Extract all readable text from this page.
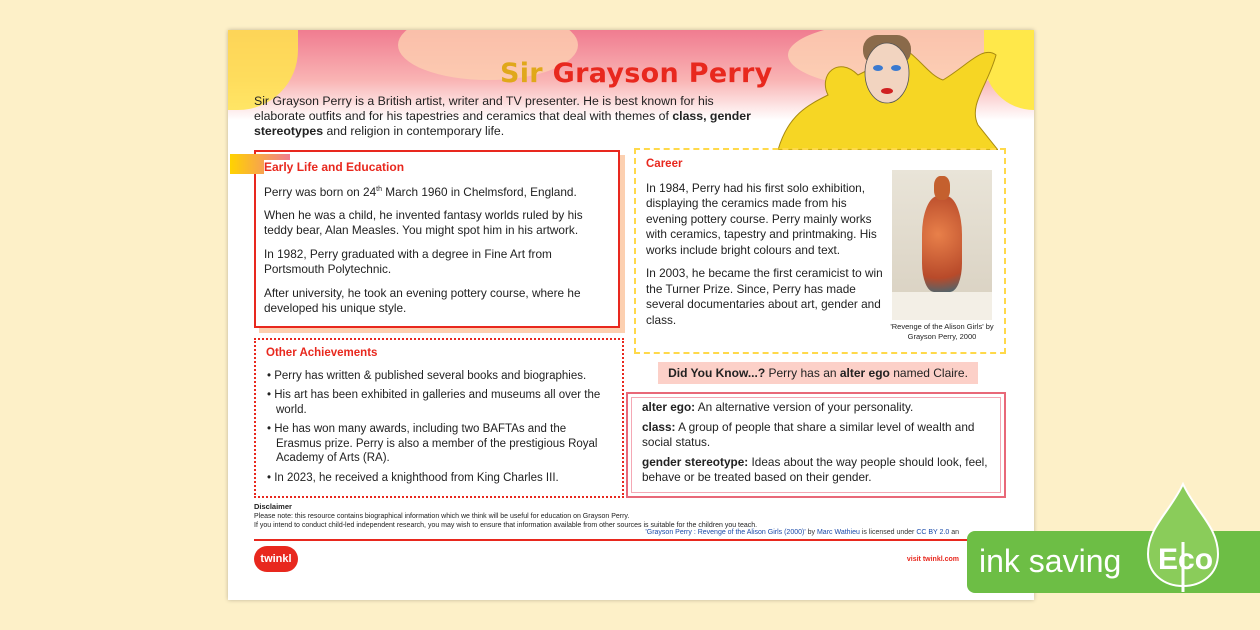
Sir Grayson Perry
Sir Grayson Perry is a British artist, writer and TV presenter. He is best known for his elaborate outfits and for his tapestries and ceramics that deal with themes of class, gender stereotypes and religion in contemporary life.
Early Life and Education

Perry was born on 24th March 1960 in Chelmsford, England.

When he was a child, he invented fantasy worlds ruled by his teddy bear, Alan Measles. You might spot him in his artwork.

In 1982, Perry graduated with a degree in Fine Art from Portsmouth Polytechnic.

After university, he took an evening pottery course, where he developed his unique style.

Other Achievements
• Perry has written & published several books and biographies.
• His art has been exhibited in galleries and museums all over the world.
• He has won many awards, including two BAFTAs and the Erasmus prize. Perry is also a member of the prestigious Royal Academy of Arts (RA).
• In 2023, he received a knighthood from King Charles III.
Career

In 1984, Perry had his first solo exhibition, displaying the ceramics made from his evening pottery course. Perry mainly works with ceramics, tapestry and printmaking. His works include bright colours and text.

In 2003, he became the first ceramicist to win the Turner Prize. Since, Perry has made several documentaries about art, gender and class.	'Revenge of the Alison Girls' by Grayson Perry, 2000
Did You Know...? Perry has an alter ego named Claire.

alter ego: An alternative version of your personality.

class: A group of people that share a similar level of wealth and social status.

gender stereotype: Ideas about the way people should look, feel, behave or be treated based on their gender.

Disclaimer
Please note: this resource contains biographical information which we think will be useful for education on Grayson Perry.
If you intend to conduct child-led independent research, you may wish to ensure that information available from other sources is suitable for the children you teach.
'Grayson Perry : Revenge of the Alison Girls (2000)' by Marc Wathieu is licensed under CC BY 2.0 an
twinkl	visit twinkl.com ink saving Eco
